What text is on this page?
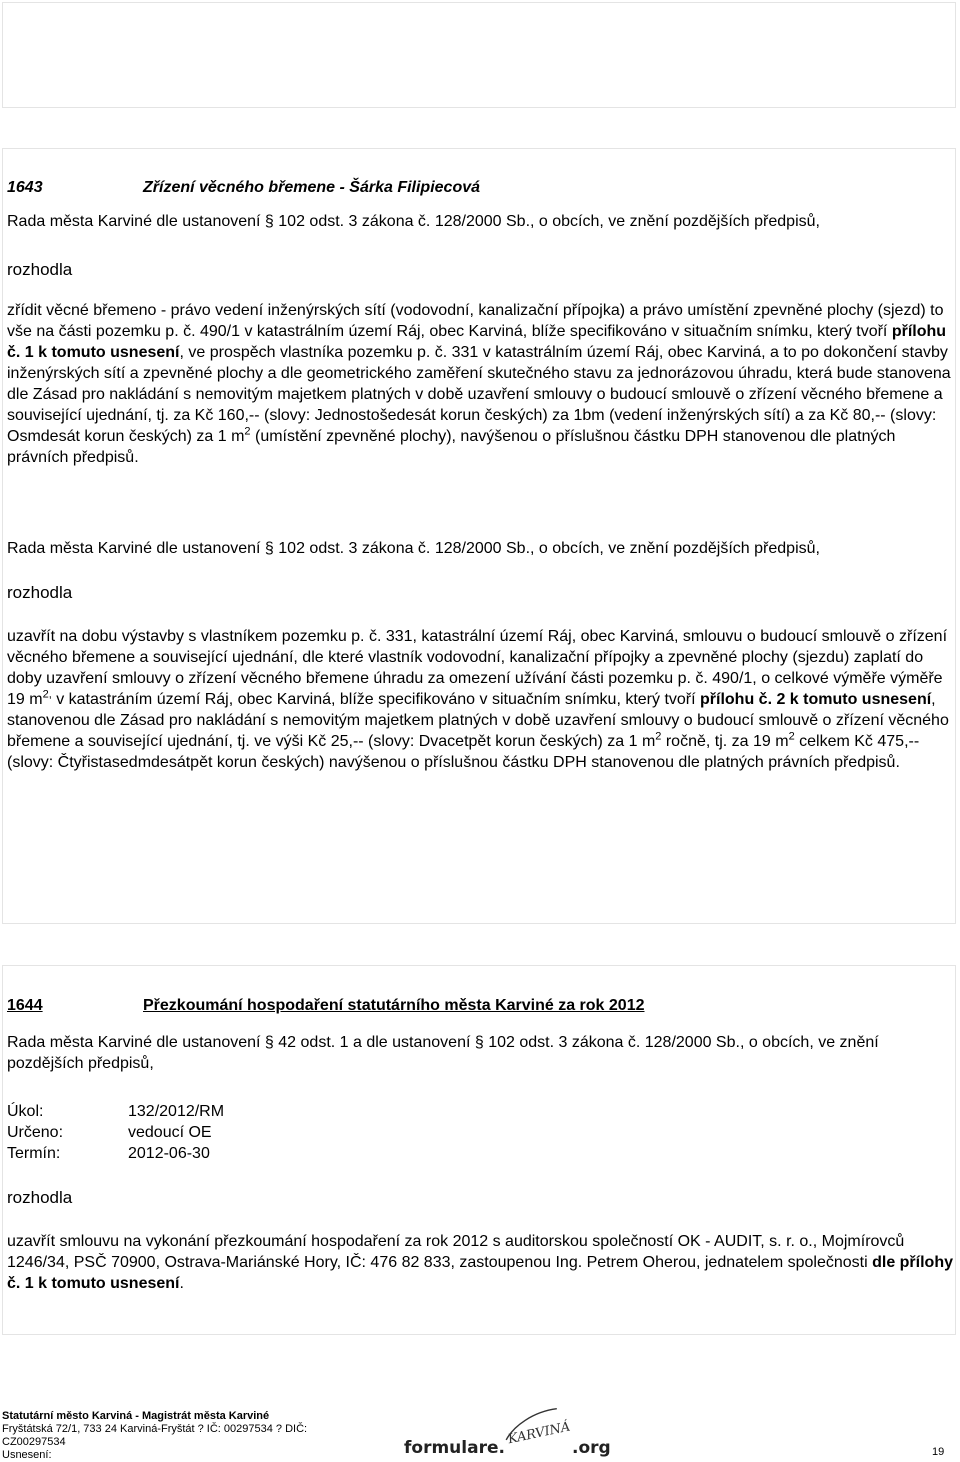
1643	Zřízení věcného břemene - Šárka Filipiecová

Rada města Karviné dle ustanovení § 102 odst. 3 zákona č. 128/2000 Sb., o obcích, ve znění pozdějších předpisů,

rozhodla

zřídit věcné břemeno - právo vedení inženýrských sítí (vodovodní, kanalizační přípojka) a právo umístění zpevněné plochy (sjezd) to vše na části pozemku p. č. 490/1 v katastrálním území Ráj, obec Karviná, blíže specifikováno v situačním snímku, který tvoří přílohu č. 1 k tomuto usnesení, ve prospěch vlastníka pozemku p. č. 331 v katastrálním území Ráj, obec Karviná, a to po dokončení stavby inženýrských sítí a zpevněné plochy a dle geometrického zaměření skutečného stavu za jednorázovou úhradu, která bude stanovena dle Zásad pro nakládání s nemovitým majetkem platných v době uzavření smlouvy o budoucí smlouvě o zřízení věcného břemene a související ujednání, tj. za Kč 160,-- (slovy: Jednostošedesát korun českých) za 1bm (vedení inženýrských sítí) a za Kč 80,-- (slovy: Osmdesát korun českých) za 1 $m^2$ (umístění zpevněné plochy), navýšenou o příslušnou částku DPH stanovenou dle platných právních předpisů.

Rada města Karviné dle ustanovení § 102 odst. 3 zákona č. 128/2000 Sb., o obcích, ve znění pozdějších předpisů,

rozhodla

uzavřít na dobu výstavby s vlastníkem pozemku p. č. 331, katastrální území Ráj, obec Karviná, smlouvu o budoucí smlouvě o zřízení věcného břemene a související ujednání, dle které vlastník vodovodní, kanalizační přípojky a zpevněné plochy (sjezdu) zaplatí do doby uzavření smlouvy o zřízení věcného břemene úhradu za omezení užívání části pozemku p. č. 490/1, o celkové výměře výměře 19 $m^{2,}$ v katastráním území Ráj, obec Karviná, blíže specifikováno v situačním snímku, který tvoří přílohu č. 2 k tomuto usnesení, stanovenou dle Zásad pro nakládání s nemovitým majetkem platných v době uzavření smlouvy o budoucí smlouvě o zřízení věcného břemene a související ujednání, tj. ve výši Kč 25,-- (slovy: Dvacetpět korun českých) za 1 $m^2$ ročně, tj. za 19 $m^2$ celkem Kč 475,-- (slovy: Čtyřistasedmdesátpět korun českých) navýšenou o příslušnou částku DPH stanovenou dle platných právních předpisů.

1644	Přezkoumání hospodaření statutárního města Karviné za rok 2012

Rada města Karviné dle ustanovení § 42 odst. 1 a dle ustanovení § 102 odst. 3 zákona č. 128/2000 Sb., o obcích, ve znění pozdějších předpisů,

Úkol:	132/2012/RM
Určeno:	vedoucí OE
Termín:	2012-06-30

rozhodla

uzavřít smlouvu na vykonání přezkoumání hospodaření za rok 2012 s auditorskou společností OK - AUDIT, s. r. o., Mojmírovců 1246/34, PSČ 70900, Ostrava-Mariánské Hory, IČ: 476 82 833, zastoupenou Ing. Petrem Oherou, jednatelem společnosti dle přílohy č. 1 k tomuto usnesení.

Statutární město Karviná - Magistrát města Karviné
Fryštátská 72/1, 733 24 Karviná-Fryštát ? IČ: 00297534 ? DIČ: CZ00297534
Usnesení:	formulare.
KARVINÁ
.org	19
